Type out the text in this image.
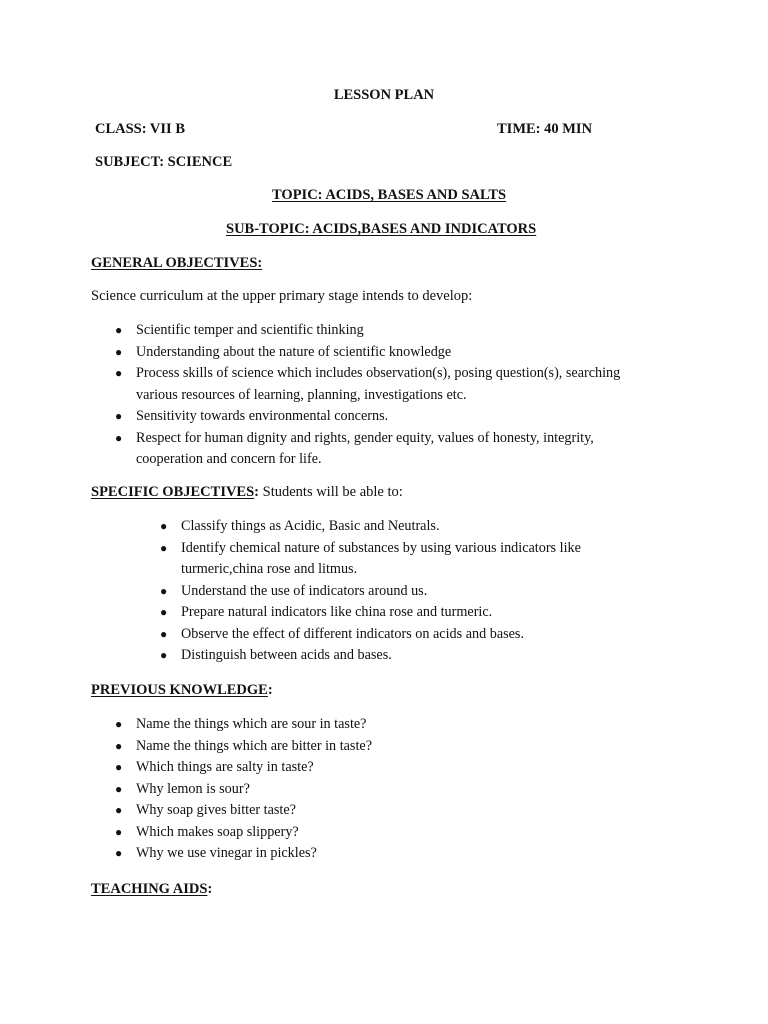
LESSON PLAN
CLASS: VII B	TIME: 40 MIN
SUBJECT: SCIENCE
TOPIC: ACIDS, BASES AND SALTS
SUB-TOPIC: ACIDS,BASES AND INDICATORS
GENERAL OBJECTIVES:
Science curriculum at the upper primary stage intends to develop:
● Scientific temper and scientific thinking
● Understanding about the nature of scientific knowledge
● Process skills of science which includes observation(s), posing question(s), searching
various resources of learning, planning, investigations etc.
● Sensitivity towards environmental concerns.
● Respect for human dignity and rights, gender equity, values of honesty, integrity,
cooperation and concern for life.
SPECIFIC OBJECTIVES: Students will be able to:
● Classify things as Acidic, Basic and Neutrals.
● Identify chemical nature of substances by using various indicators like
turmeric,china rose and litmus.
● Understand the use of indicators around us.
● Prepare natural indicators like china rose and turmeric.
● Observe the effect of different indicators on acids and bases.
● Distinguish between acids and bases.
PREVIOUS KNOWLEDGE:
● Name the things which are sour in taste?
● Name the things which are bitter in taste?
● Which things are salty in taste?
● Why lemon is sour?
● Why soap gives bitter taste?
● Which makes soap slippery?
● Why we use vinegar in pickles?
TEACHING AIDS:
